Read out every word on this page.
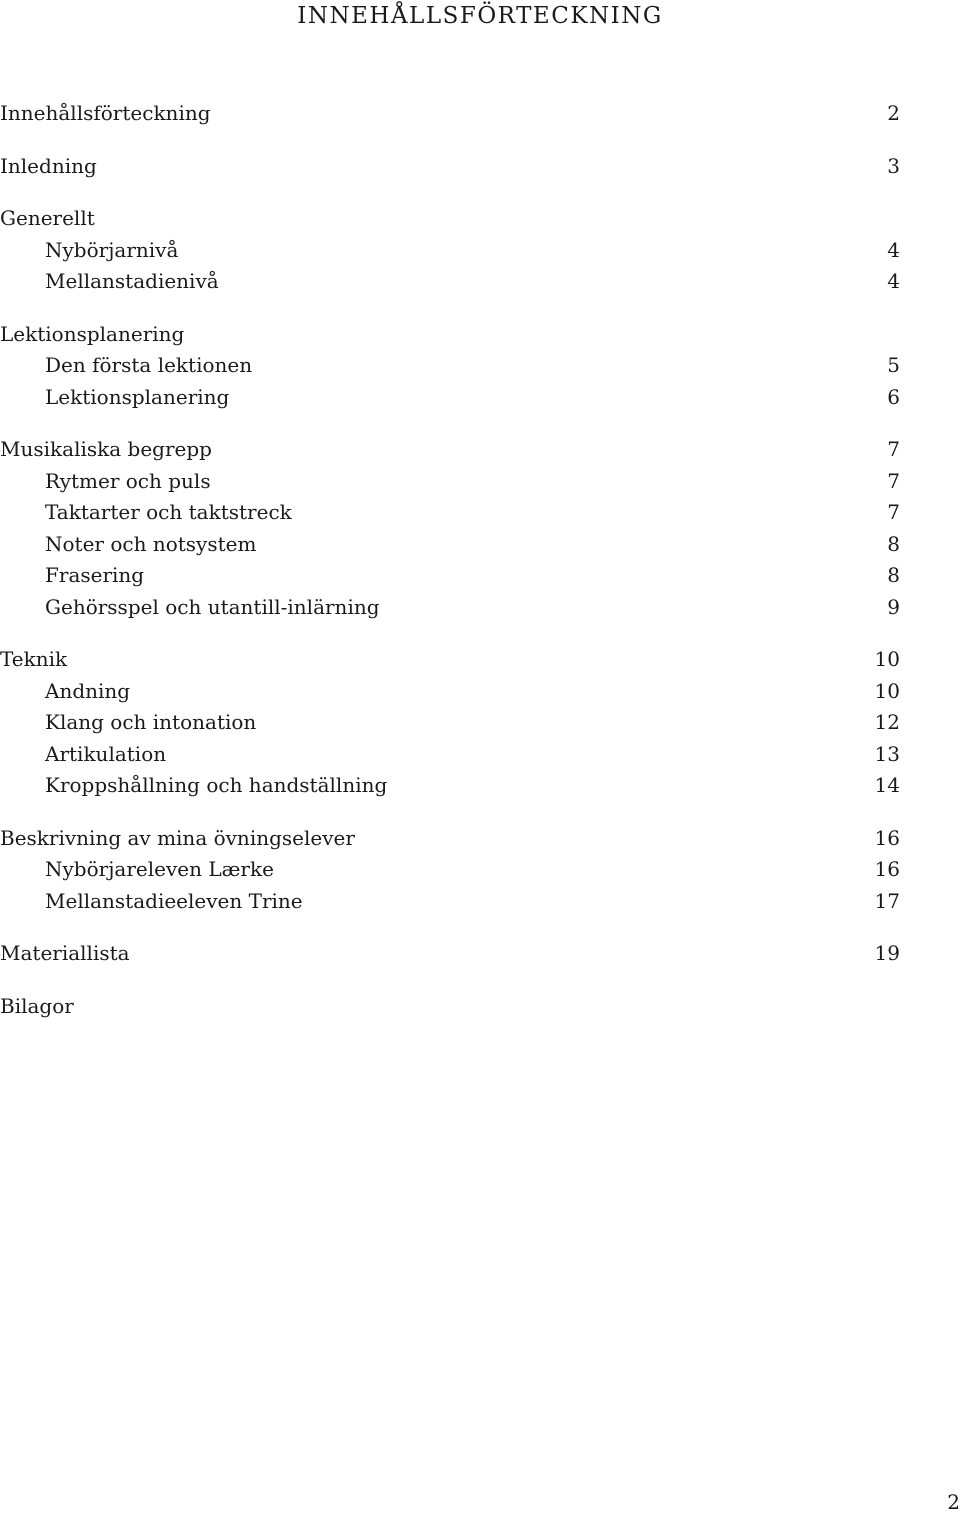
INNEHÅLLSFÖRTECKNING
Innehållsförteckning	2
Inledning	3
Generellt
Nybörjarnivå	4
Mellanstadienivå	4
Lektionsplanering
Den första lektionen	5
Lektionsplanering	6
Musikaliska begrepp	7
Rytmer och puls	7
Taktarter och taktstreck	7
Noter och notsystem	8
Frasering	8
Gehörsspel och utantill-inlärning	9
Teknik	10
Andning	10
Klang och intonation	12
Artikulation	13
Kroppshållning och handställning	14
Beskrivning av mina övningselever	16
Nybörjareleven Lærke	16
Mellanstadieeleven Trine	17
Materiallista	19
Bilagor
2
